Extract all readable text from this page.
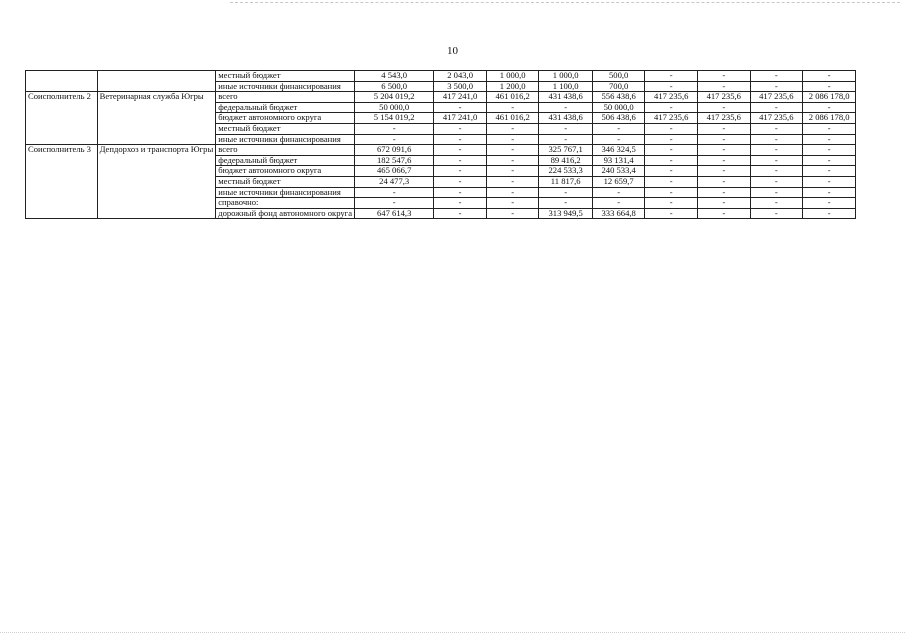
10
		местный бюджет	4 543,0	2 043,0	1 000,0	1 000,0	500,0	-	-	-	-
		иные источники финансирования	6 500,0	3 500,0	1 200,0	1 100,0	700,0	-	-	-	-
Соисполнитель 2	Ветеринарная служба Югры	всего	5 204 019,2	417 241,0	461 016,2	431 438,6	556 438,6	417 235,6	417 235,6	417 235,6	2 086 178,0
		федеральный бюджет	50 000,0	-	-	-	50 000,0	-	-	-	-
		бюджет автономного округа	5 154 019,2	417 241,0	461 016,2	431 438,6	506 438,6	417 235,6	417 235,6	417 235,6	2 086 178,0
		местный бюджет	-	-	-	-	-	-	-	-	-
		иные источники финансирования	-	-	-	-	-	-	-	-	-
Соисполнитель 3	Депдорхоз и транспорта Югры	всего	672 091,6	-	-	325 767,1	346 324,5	-	-	-	-
		федеральный бюджет	182 547,6	-	-	89 416,2	93 131,4	-	-	-	-
		бюджет автономного округа	465 066,7	-	-	224 533,3	240 533,4	-	-	-	-
		местный бюджет	24 477,3	-	-	11 817,6	12 659,7	-	-	-	-
		иные источники финансирования	-	-	-	-	-	-	-	-	-
		справочно:	-	-	-	-	-	-	-	-	-
		дорожный фонд автономного округа	647 614,3	-	-	313 949,5	333 664,8	-	-	-	-
